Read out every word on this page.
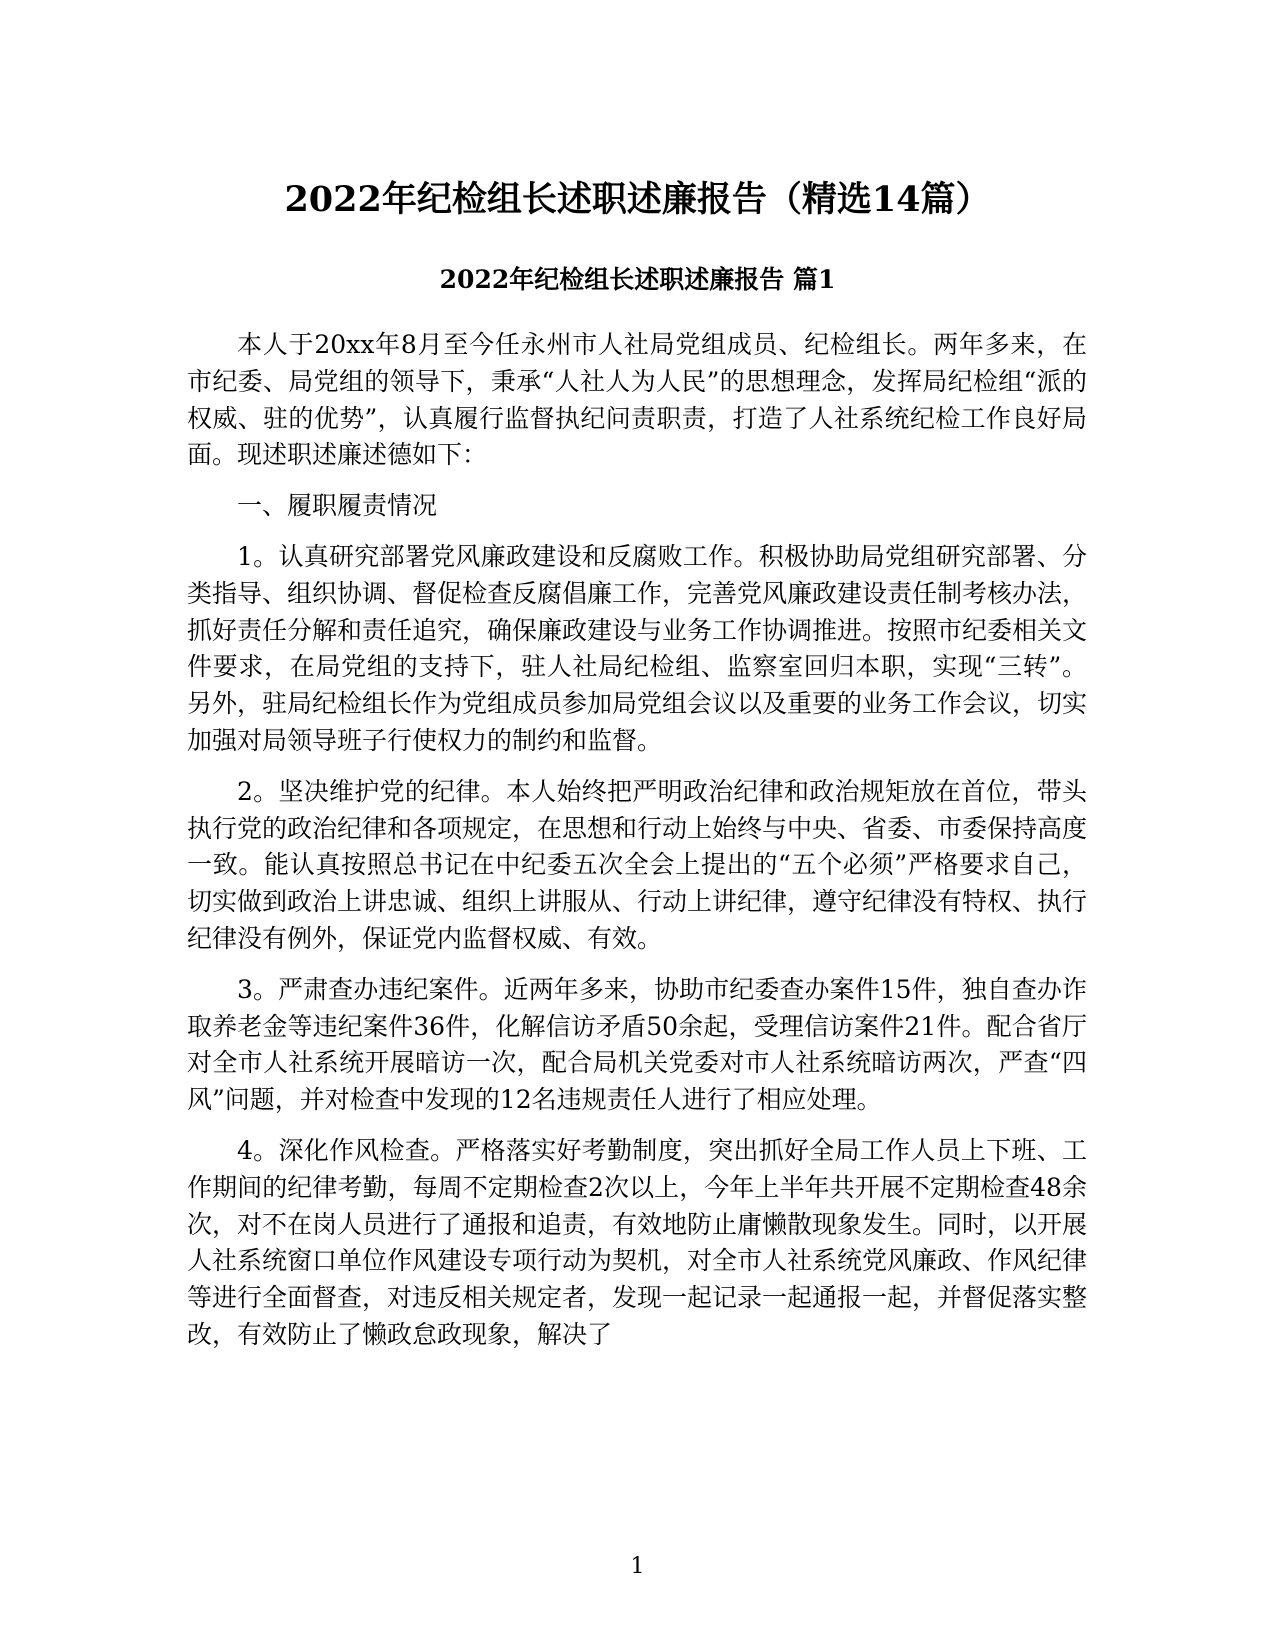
2022年纪检组长述职述廉报告（精选14篇）
2022年纪检组长述职述廉报告 篇1

本人于20xx年8月至今任永州市人社局党组成员、纪检组长。两年多来，在市纪委、局党组的领导下，秉承“人社人为人民”的思想理念，发挥局纪检组“派的权威、驻的优势”，认真履行监督执纪问责职责，打造了人社系统纪检工作良好局面。现述职述廉述德如下：

一、履职履责情况

1。认真研究部署党风廉政建设和反腐败工作。积极协助局党组研究部署、分类指导、组织协调、督促检查反腐倡廉工作，完善党风廉政建设责任制考核办法，抓好责任分解和责任追究，确保廉政建设与业务工作协调推进。按照市纪委相关文件要求，在局党组的支持下，驻人社局纪检组、监察室回归本职，实现“三转”。另外，驻局纪检组长作为党组成员参加局党组会议以及重要的业务工作会议，切实加强对局领导班子行使权力的制约和监督。

2。坚决维护党的纪律。本人始终把严明政治纪律和政治规矩放在首位，带头执行党的政治纪律和各项规定，在思想和行动上始终与中央、省委、市委保持高度一致。能认真按照总书记在中纪委五次全会上提出的“五个必须”严格要求自己，切实做到政治上讲忠诚、组织上讲服从、行动上讲纪律，遵守纪律没有特权、执行纪律没有例外，保证党内监督权威、有效。

3。严肃查办违纪案件。近两年多来，协助市纪委查办案件15件，独自查办诈取养老金等违纪案件36件，化解信访矛盾50余起，受理信访案件21件。配合省厅对全市人社系统开展暗访一次，配合局机关党委对市人社系统暗访两次，严查“四风”问题，并对检查中发现的12名违规责任人进行了相应处理。

4。深化作风检查。严格落实好考勤制度，突出抓好全局工作人员上下班、工作期间的纪律考勤，每周不定期检查2次以上，今年上半年共开展不定期检查48余次，对不在岗人员进行了通报和追责，有效地防止庸懒散现象发生。同时，以开展人社系统窗口单位作风建设专项行动为契机，对全市人社系统党风廉政、作风纪律等进行全面督查，对违反相关规定者，发现一起记录一起通报一起，并督促落实整改，有效防止了懒政怠政现象，解决了

1
